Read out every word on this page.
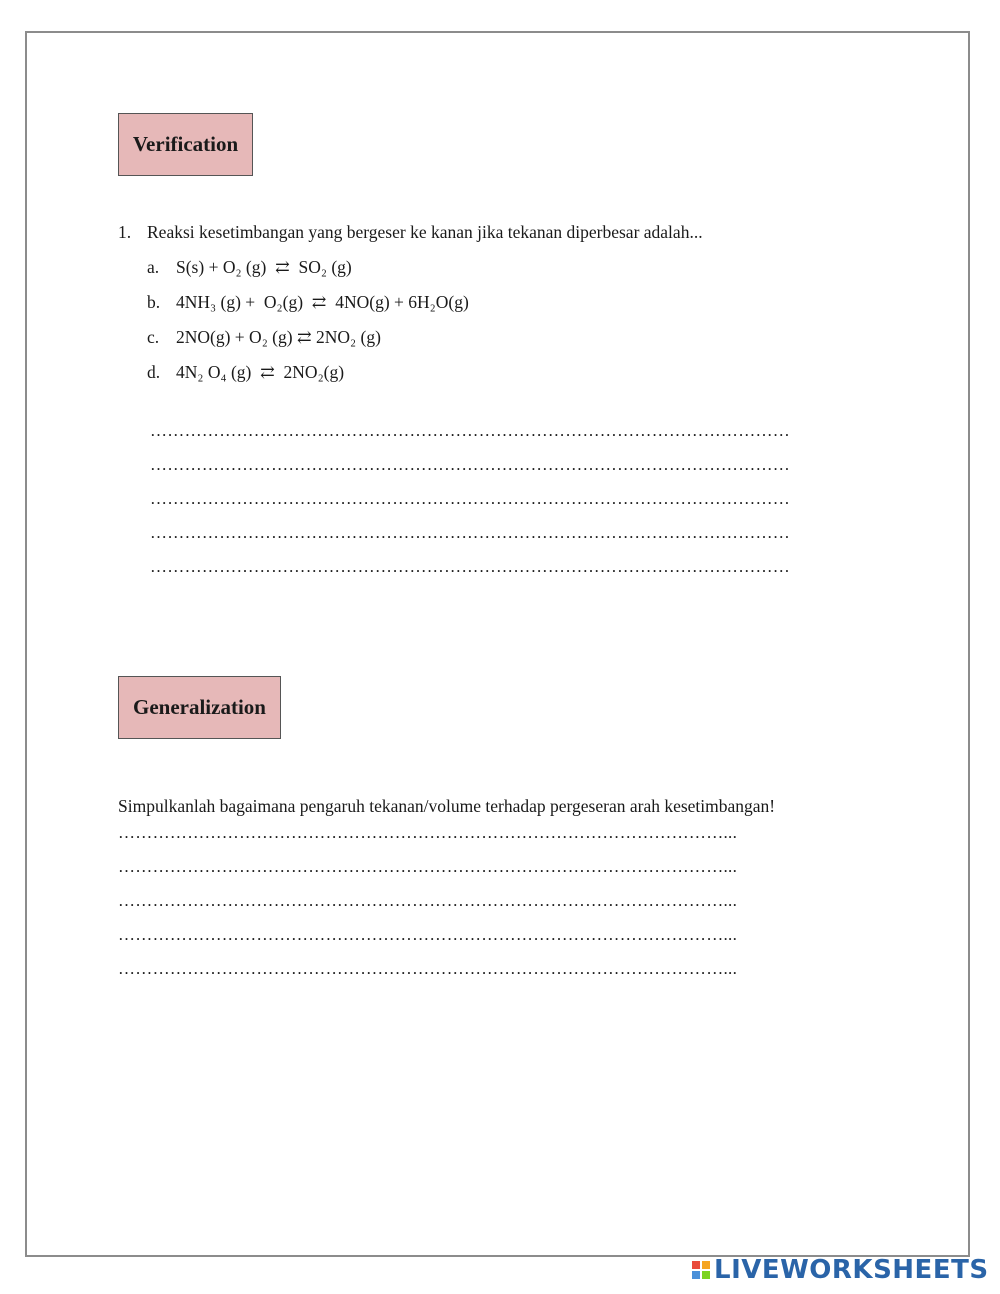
Verification
1. Reaksi kesetimbangan yang bergeser ke kanan jika tekanan diperbesar adalah...
a. S(s) + O₂ (g)  ⇄  SO₂ (g)
b. 4NH₃ (g) +  O₂(g)  ⇄  4NO(g) + 6H₂O(g)
c. 2NO(g) + O₂ (g) ⇄ 2NO₂ (g)
d. 4N₂ O₄ (g)  ⇄  2NO₂(g)
…………………………………………………………………………………………………
…………………………………………………………………………………………………
…………………………………………………………………………………………………
…………………………………………………………………………………………………
…………………………………………………………………………………………………
Generalization
Simpulkanlah bagaimana pengaruh tekanan/volume terhadap pergeseran arah kesetimbangan!
……………………………………………………………………………………………...
……………………………………………………………………………………………...
……………………………………………………………………………………………...
……………………………………………………………………………………………...
……………………………………………………………………………………………...
LIVEWORKSHEETS
